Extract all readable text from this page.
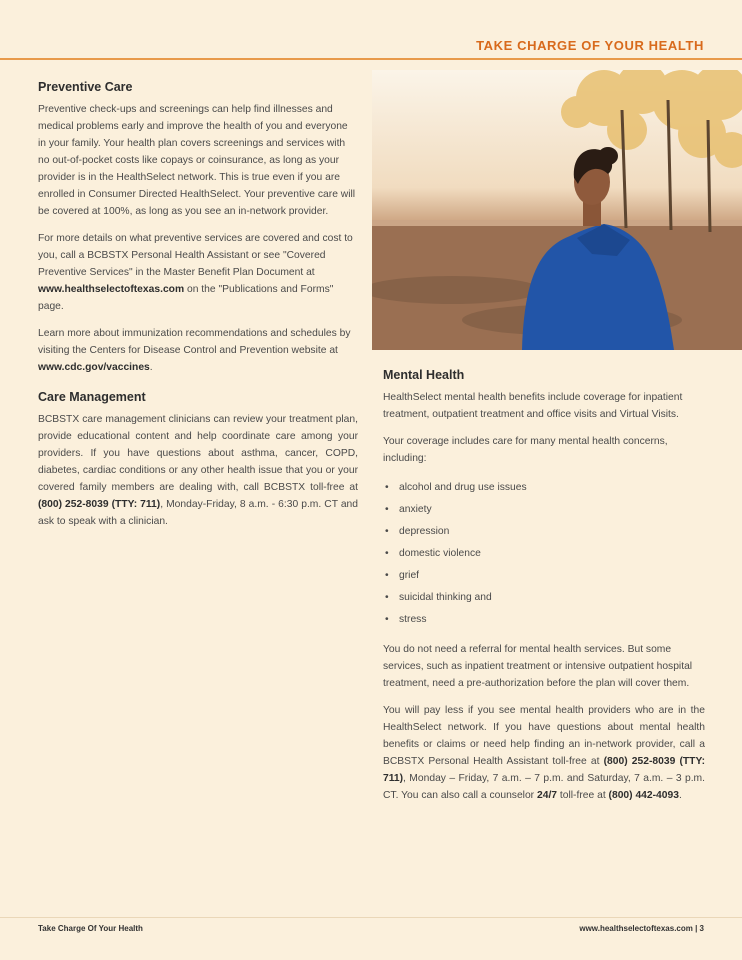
TAKE CHARGE OF YOUR HEALTH
Preventive Care

Preventive check-ups and screenings can help find illnesses and medical problems early and improve the health of you and everyone in your family. Your health plan covers screenings and services with no out-of-pocket costs like copays or coinsurance, as long as your provider is in the HealthSelect network. This is true even if you are enrolled in Consumer Directed HealthSelect. Your preventive care will be covered at 100%, as long as you see an in-network provider.

For more details on what preventive services are covered and cost to you, call a BCBSTX Personal Health Assistant or see "Covered Preventive Services" in the Master Benefit Plan Document at www.healthselectoftexas.com on the "Publications and Forms" page.

Learn more about immunization recommendations and schedules by visiting the Centers for Disease Control and Prevention website at www.cdc.gov/vaccines.

Care Management

BCBSTX care management clinicians can review your treatment plan, provide educational content and help coordinate care among your providers. If you have questions about asthma, cancer, COPD, diabetes, cardiac conditions or any other health issue that you or your covered family members are dealing with, call BCBSTX toll-free at (800) 252-8039 (TTY: 711), Monday-Friday, 8 a.m. - 6:30 p.m. CT and ask to speak with a clinician.

Mental Health

HealthSelect mental health benefits include coverage for inpatient treatment, outpatient treatment and office visits and Virtual Visits.

Your coverage includes care for many mental health concerns, including:

• alcohol and drug use issues
• anxiety
• depression
• domestic violence
• grief
• suicidal thinking and
• stress

You do not need a referral for mental health services. But some services, such as inpatient treatment or intensive outpatient hospital treatment, need a pre-authorization before the plan will cover them.

You will pay less if you see mental health providers who are in the HealthSelect network. If you have questions about mental health benefits or claims or need help finding an in-network provider, call a BCBSTX Personal Health Assistant toll-free at (800) 252-8039 (TTY: 711), Monday – Friday, 7 a.m. – 7 p.m. and Saturday, 7 a.m. – 3 p.m. CT. You can also call a counselor 24/7 toll-free at (800) 442-4093.

Take Charge Of Your Health	www.healthselectoftexas.com | 3
